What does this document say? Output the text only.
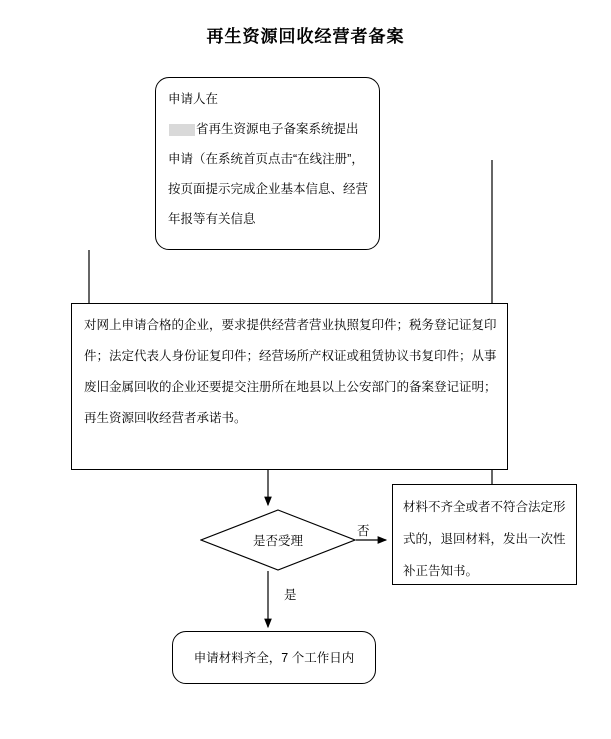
再生资源回收经营者备案
申请人在
省再生资源电子备案系统提出申请（在系统首页点击“在线注册”，按页面提示完成企业基本信息、经营年报等有关信息
对网上申请合格的企业，要求提供经营者营业执照复印件；税务登记证复印件；法定代表人身份证复印件；经营场所产权证或租赁协议书复印件；从事废旧金属回收的企业还要提交注册所在地县以上公安部门的备案登记证明；再生资源回收经营者承诺书。
是否受理
材料不齐全或者不符合法定形式的，退回材料，发出一次性补正告知书。
申请材料齐全，7 个工作日内
否
是
